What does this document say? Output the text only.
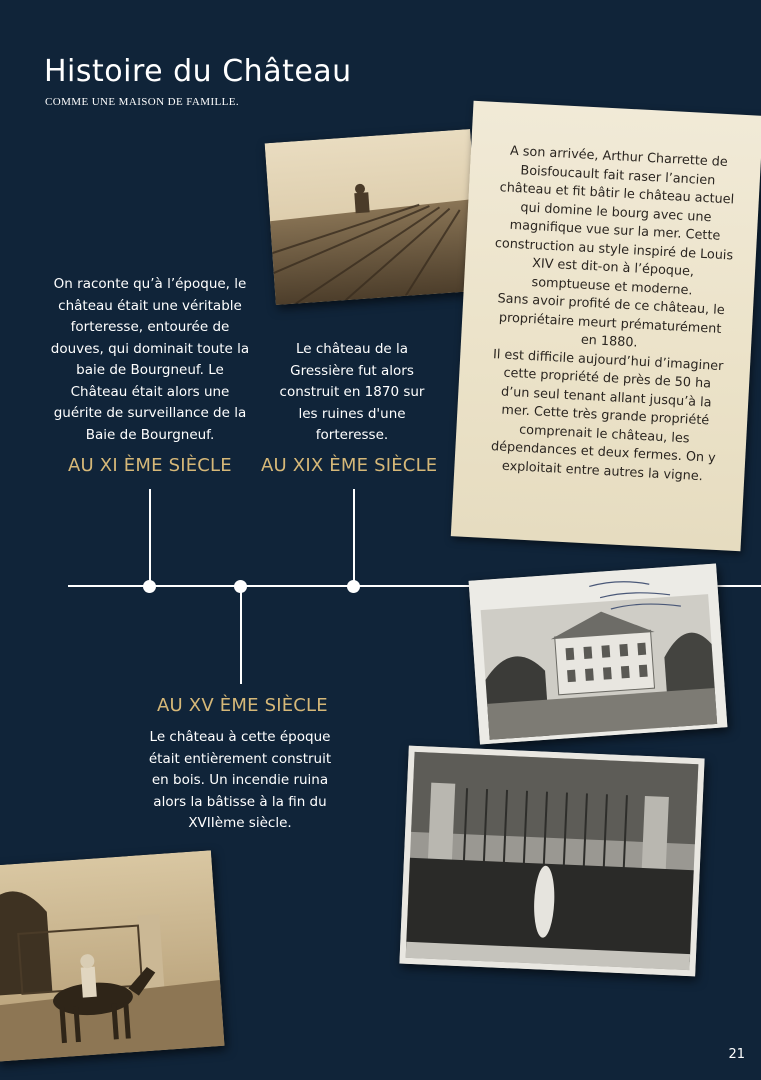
Histoire du Château
COMME UNE MAISON DE FAMILLE.
On raconte qu’à l’époque, le château était une véritable forteresse, entourée de douves, qui dominait toute la baie de Bourgneuf. Le Château était alors une guérite de surveillance de la Baie de Bourgneuf.
AU XI ÈME SIÈCLE
Le château de la Gressière fut alors construit en 1870 sur les ruines d'une forteresse.
AU XIX ÈME SIÈCLE
A son arrivée, Arthur Charrette de Boisfoucault fait raser l’ancien château et fit bâtir le château actuel qui domine le bourg avec une magnifique vue sur la mer. Cette construction au style inspiré de Louis XIV est dit-on à l’époque, somptueuse et moderne.
Sans avoir profité de ce château, le propriétaire meurt prématurément en 1880.
Il est difficile aujourd’hui d’imaginer cette propriété de près de 50 ha d’un seul tenant allant jusqu’à la mer. Cette très grande propriété comprenait le château, les dépendances et deux fermes. On y exploitait entre autres la vigne.
AU XV ÈME SIÈCLE
Le château à cette époque était entièrement construit en bois. Un incendie ruina alors la bâtisse à la fin du XVIIème siècle.
21
